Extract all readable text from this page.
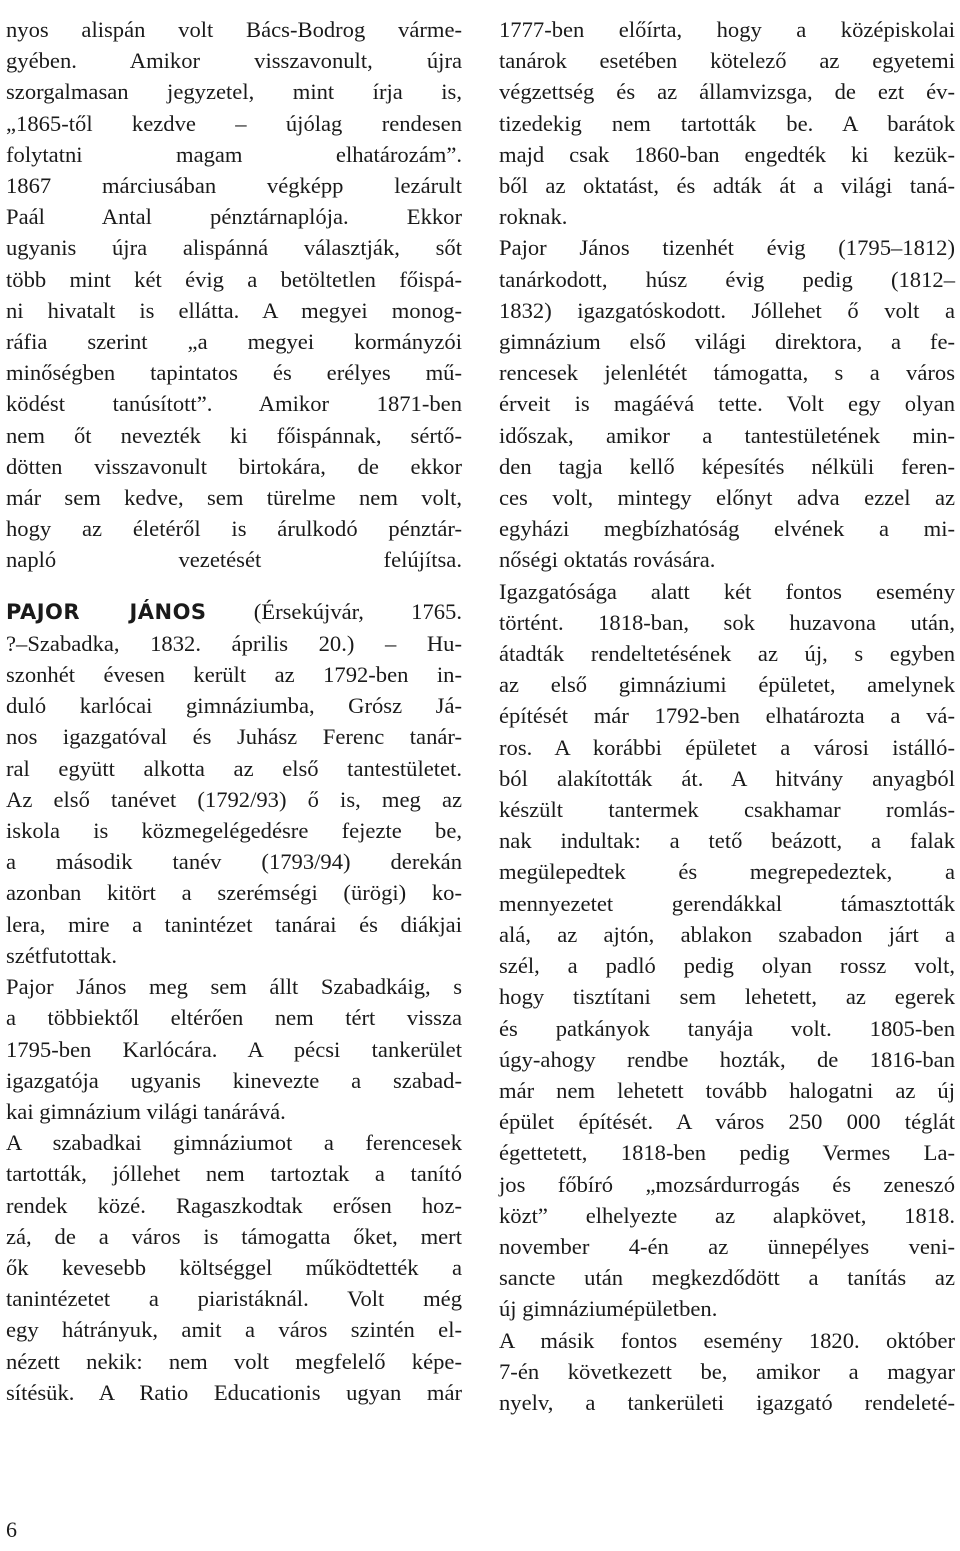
nyos alispán volt Bács-Bodrog várme-
gyében. Amikor visszavonult, újra
szorgalmasan jegyzetel, mint írja is,
„1865-től kezdve – újólag rendesen
folytatni magam elhatározám”.
1867 márciusában végképp lezárult
Paál Antal pénztárnaplója. Ekkor
ugyanis újra alispánná választják, sőt
több mint két évig a betöltetlen főispá-
ni hivatalt is ellátta. A megyei monog-
ráfia szerint „a megyei kormányzói
minőségben tapintatos és erélyes mű-
ködést tanúsított”. Amikor 1871-ben
nem őt nevezték ki főispánnak, sértő-
dötten visszavonult birtokára, de ekkor
már sem kedve, sem türelme nem volt,
hogy az életéről is árulkodó pénztár-
napló vezetését felújítsa.
PAJOR JÁNOS (Érsekújvár, 1765.
?–Szabadka, 1832. április 20.) – Hu-
szonhét évesen került az 1792-ben in-
duló karlócai gimnáziumba, Grósz Já-
nos igazgatóval és Juhász Ferenc tanár-
ral együtt alkotta az első tantestületet.
Az első tanévet (1792/93) ő is, meg az
iskola is közmegelégedésre fejezte be,
a második tanév (1793/94) derekán
azonban kitört a szerémségi (ürögi) ko-
lera, mire a tanintézet tanárai és diákjai
szétfutottak.
Pajor János meg sem állt Szabadkáig, s
a többiektől eltérően nem tért vissza
1795-ben Karlócára. A pécsi tankerület
igazgatója ugyanis kinevezte a szabad-
kai gimnázium világi tanárává.
A szabadkai gimnáziumot a ferencesek
tartották, jóllehet nem tartoztak a tanító
rendek közé. Ragaszkodtak erősen hoz-
zá, de a város is támogatta őket, mert
ők kevesebb költséggel működtették a
tanintézetet a piaristáknál. Volt még
egy hátrányuk, amit a város szintén el-
nézett nekik: nem volt megfelelő képe-
sítésük. A Ratio Educationis ugyan már
1777-ben előírta, hogy a középiskolai
tanárok esetében kötelező az egyetemi
végzettség és az államvizsga, de ezt év-
tizedekig nem tartották be. A barátok
majd csak 1860-ban engedték ki kezük-
ből az oktatást, és adták át a világi taná-
roknak.
Pajor János tizenhét évig (1795–1812)
tanárkodott, húsz évig pedig (1812–
1832) igazgatóskodott. Jóllehet ő volt a
gimnázium első világi direktora, a fe-
rencesek jelenlétét támogatta, s a város
érveit is magáévá tette. Volt egy olyan
időszak, amikor a tantestületének min-
den tagja kellő képesítés nélküli feren-
ces volt, mintegy előnyt adva ezzel az
egyházi megbízhatóság elvének a mi-
nőségi oktatás rovására.
Igazgatósága alatt két fontos esemény
történt. 1818-ban, sok huzavona után,
átadták rendeltetésének az új, s egyben
az első gimnáziumi épületet, amelynek
építését már 1792-ben elhatározta a vá-
ros. A korábbi épületet a városi istálló-
ból alakították át. A hitvány anyagból
készült tantermek csakhamar romlás-
nak indultak: a tető beázott, a falak
megülepedtek és megrepedeztek, a
mennyezetet gerendákkal támasztották
alá, az ajtón, ablakon szabadon járt a
szél, a padló pedig olyan rossz volt,
hogy tisztítani sem lehetett, az egerek
és patkányok tanyája volt. 1805-ben
úgy-ahogy rendbe hozták, de 1816-ban
már nem lehetett tovább halogatni az új
épület építését. A város 250 000 téglát
égettetett, 1818-ben pedig Vermes La-
jos főbíró „mozsárdurrogás és zeneszó
közt” elhelyezte az alapkövet, 1818.
november 4-én az ünnepélyes veni-
sancte után megkezdődött a tanítás az
új gimnáziumépületben.
A másik fontos esemény 1820. október
7-én következett be, amikor a magyar
nyelv, a tankerületi igazgató rendeleté-
6
